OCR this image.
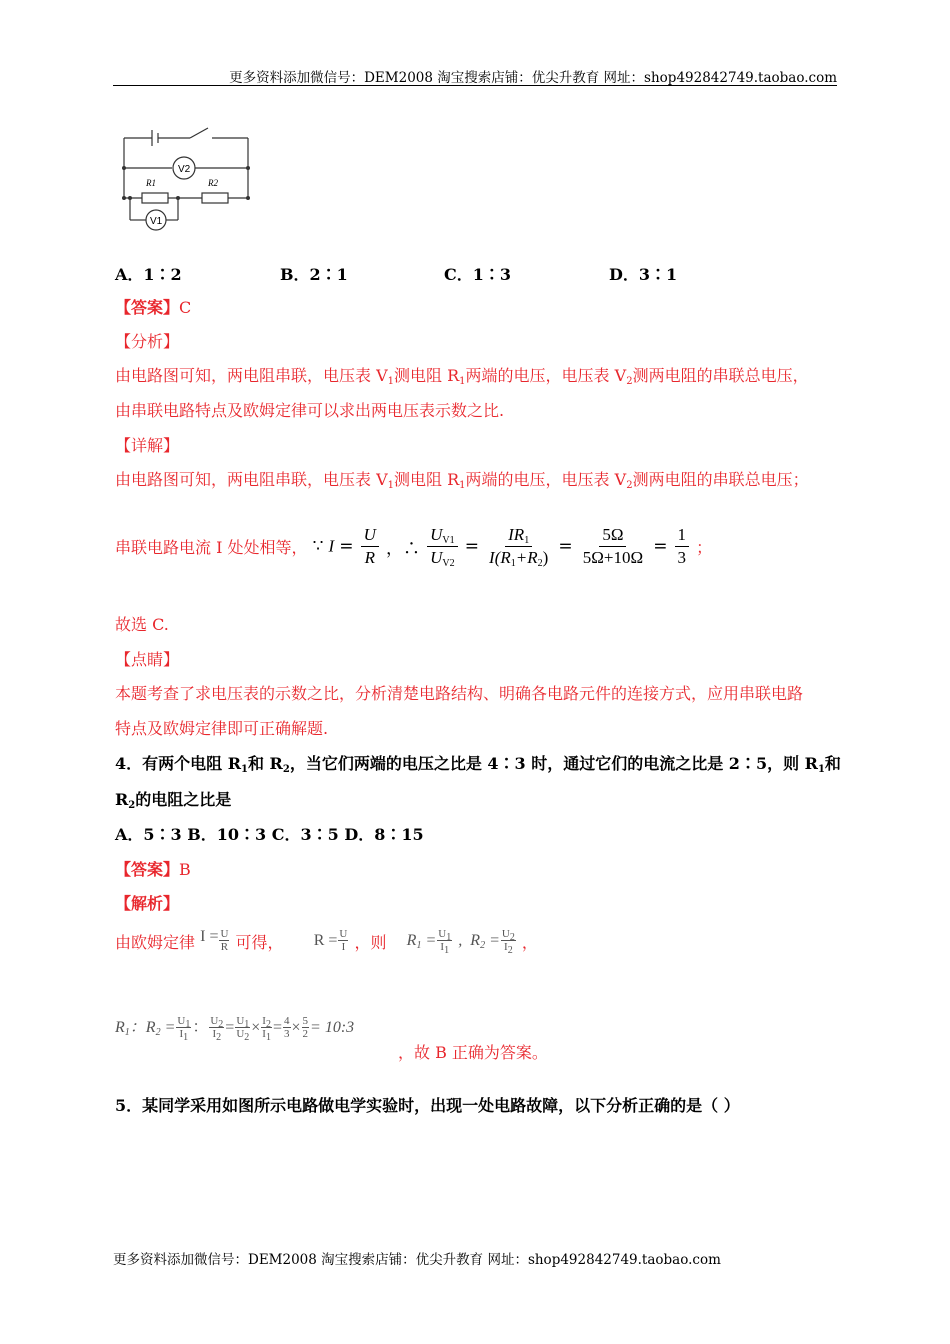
更多资料添加微信号：DEM2008 淘宝搜索店铺：优尖升教育 网址：shop492842749.taobao.com
V2
V1
R1	R2
A．1∶2	B．2∶1	C．1∶3	D．3∶1
【答案】C
【分析】
由电路图可知，两电阻串联，电压表 $V_1$测电阻 $R_1$两端的电压，电压表 $V_2$测两电阻的串联总电压，
由串联电路特点及欧姆定律可以求出两电压表示数之比.
【详解】
由电路图可知，两电阻串联，电压表 $V_1$测电阻 $R_1$两端的电压，电压表 $V_2$测两电阻的串联总电压；
串联电路电流 I 处处相等， ∵ $I = \frac{U}{R}$ ，∴ $\frac{U_{V1}}{U_{V2}} = \frac{IR_1}{I(R_1+R_2)} = \frac{5\Omega}{5\Omega+10\Omega} = \frac{1}{3}$ ；
故选 C.
【点睛】
本题考查了求电压表的示数之比，分析清楚电路结构、明确各电路元件的连接方式，应用串联电路
特点及欧姆定律即可正确解题.
4．有两个电阻 $R_1$和 $R_2$，当它们两端的电压之比是 4∶3 时，通过它们的电流之比是 2∶5，则 $R_1$和
$R_2$的电阻之比是
A．5∶3 B．10∶3 C．3∶5 D．8∶15
【答案】B
【解析】
由欧姆定律 $I = \frac{U}{R}$ 可得， $R = \frac{U}{I}$ ，则 $R_1 = \frac{U_1}{I_1}$ ,  $R_2 = \frac{U_2}{I_2}$ ，
$R_1$：$R_2 = \frac{U_1}{I_1}$ ： $\frac{U_2}{I_2} = \frac{U_1}{U_2} \times \frac{I_2}{I_1} = \frac{4}{3} \times \frac{5}{2}$ = 10:3
，故 B 正确为答案。
5．某同学采用如图所示电路做电学实验时，出现一处电路故障，以下分析正确的是（ ）
更多资料添加微信号：DEM2008 淘宝搜索店铺：优尖升教育 网址：shop492842749.taobao.com
